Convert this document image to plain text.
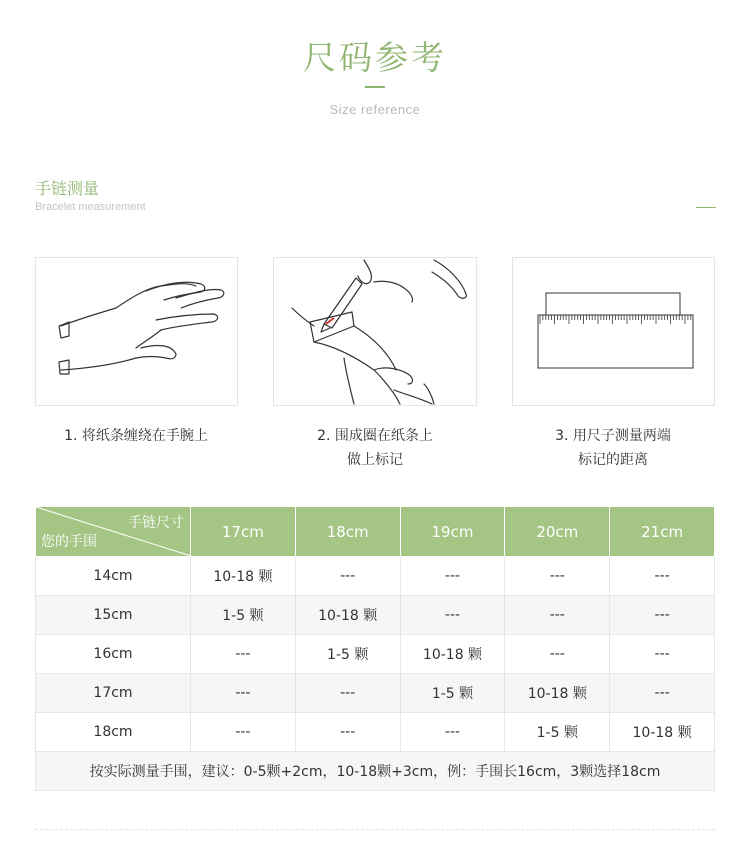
尺码参考
Size reference
手链测量
Bracelet measurement
1. 将纸条缠绕在手腕上	2. 围成圈在纸条上
做上标记
3. 用尺子测量两端
标记的距离
手链尺寸
您的手围	17cm	18cm	19cm	20cm	21cm
14cm	10-18 颗	---	---	---	---
15cm	1-5 颗	10-18 颗	---	---	---
16cm	---	1-5 颗	10-18 颗	---	---
17cm	---	---	1-5 颗	10-18 颗	---
18cm	---	---	---	1-5 颗	10-18 颗
按实际测量手围，建议：0-5颗+2cm，10-18颗+3cm，例：手围长16cm，3颗选择18cm					
